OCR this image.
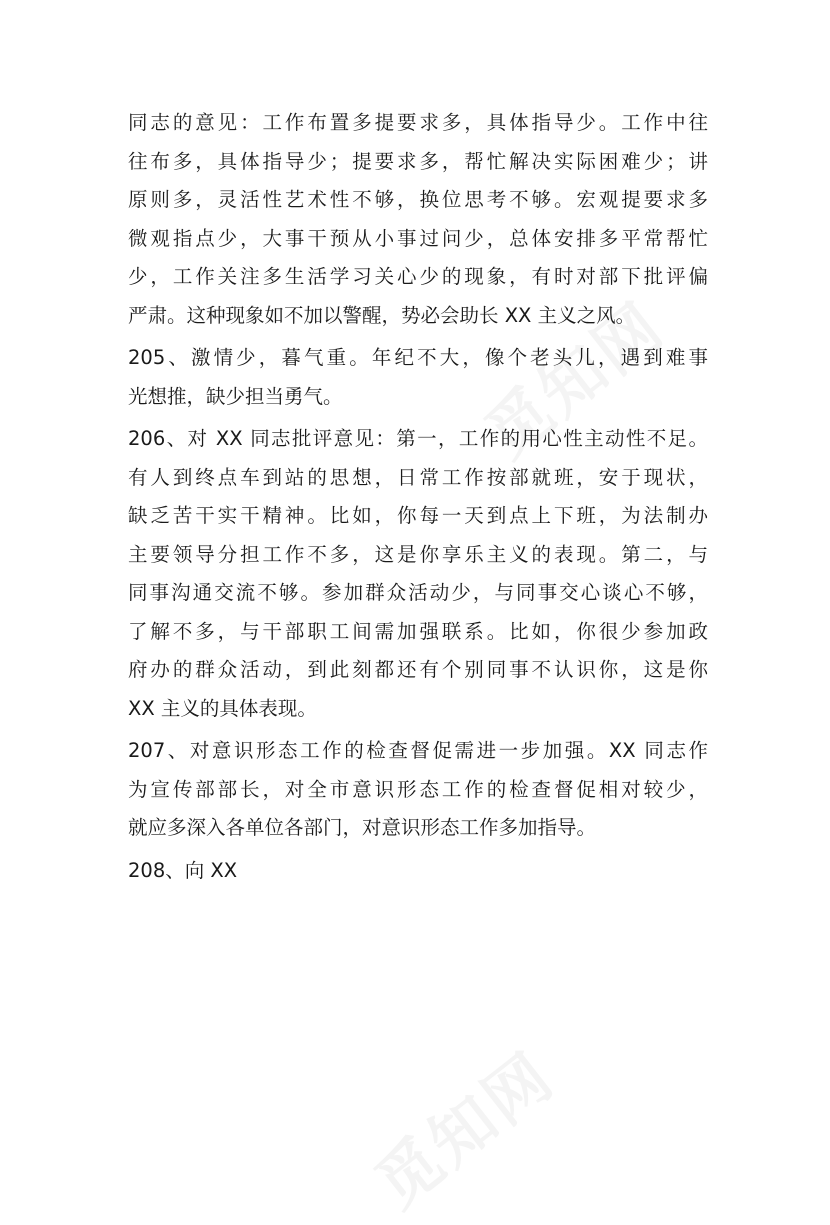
同志的意见：工作布置多提要求多，具体指导少。工作中往
往布多，具体指导少；提要求多，帮忙解决实际困难少；讲
原则多，灵活性艺术性不够，换位思考不够。宏观提要求多
微观指点少，大事干预从小事过问少，总体安排多平常帮忙
少，工作关注多生活学习关心少的现象，有时对部下批评偏
严肃。这种现象如不加以警醒，势必会助长 XX 主义之风。
205、激情少，暮气重。年纪不大，像个老头儿，遇到难事
光想推，缺少担当勇气。
206、对 XX 同志批评意见：第一，工作的用心性主动性不足。
有人到终点车到站的思想，日常工作按部就班，安于现状，
缺乏苦干实干精神。比如，你每一天到点上下班，为法制办
主要领导分担工作不多，这是你享乐主义的表现。第二，与
同事沟通交流不够。参加群众活动少，与同事交心谈心不够，
了解不多，与干部职工间需加强联系。比如，你很少参加政
府办的群众活动，到此刻都还有个别同事不认识你，这是你
XX 主义的具体表现。
207、对意识形态工作的检查督促需进一步加强。XX 同志作
为宣传部部长，对全市意识形态工作的检查督促相对较少，
就应多深入各单位各部门，对意识形态工作多加指导。
208、向 XX
